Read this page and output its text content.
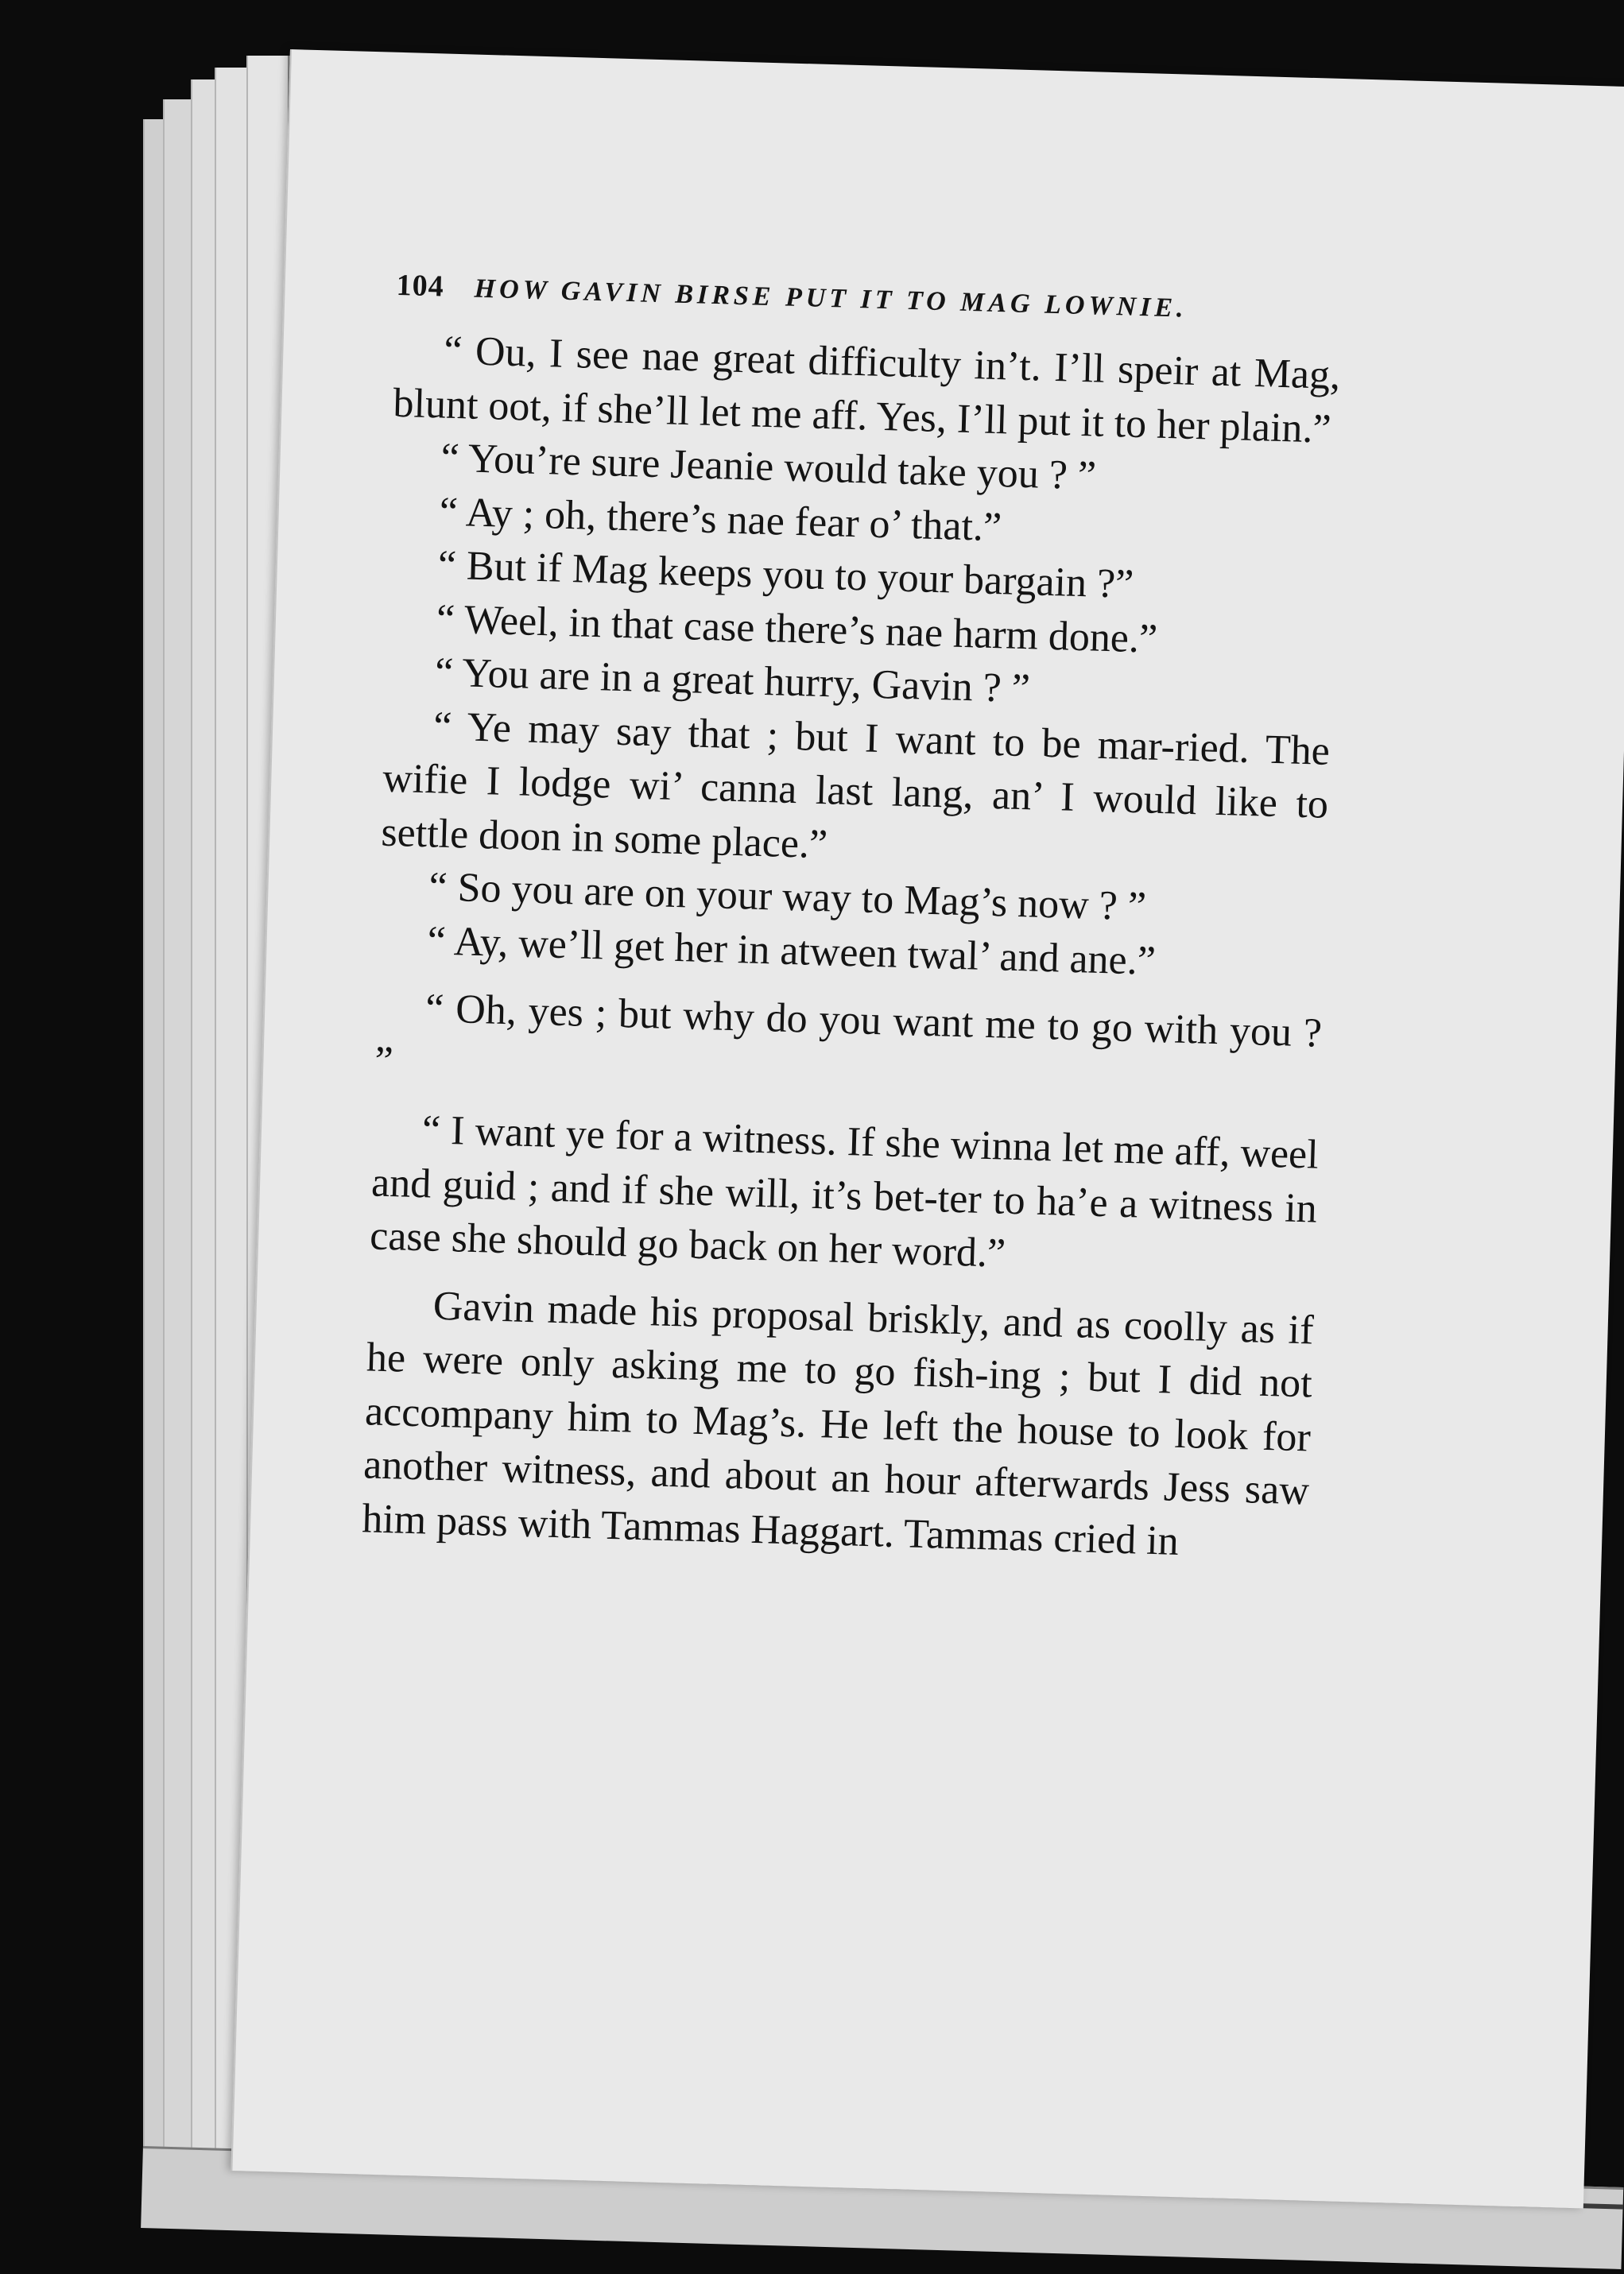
104 HOW GAVIN BIRSE PUT IT TO MAG LOWNIE.

“ Ou, I see nae great difficulty in’t. I’ll speir at Mag, blunt oot, if she’ll let me aff. Yes, I’ll put it to her plain.”

“ You’re sure Jeanie would take you ? ”

“ Ay ; oh, there’s nae fear o’ that.”

“ But if Mag keeps you to your bargain ?”

“ Weel, in that case there’s nae harm done.”

“ You are in a great hurry, Gavin ? ”

“ Ye may say that ; but I want to be mar-ried. The wifie I lodge wi’ canna last lang, an’ I would like to settle doon in some place.”

“ So you are on your way to Mag’s now ? ”

“ Ay, we’ll get her in atween twal’ and ane.”

“ Oh, yes ; but why do you want me to go with you ? ”

“ I want ye for a witness. If she winna let me aff, weel and guid ; and if she will, it’s bet-ter to ha’e a witness in case she should go back on her word.”

Gavin made his proposal briskly, and as coolly as if he were only asking me to go fish-ing ; but I did not accompany him to Mag’s. He left the house to look for another witness, and about an hour afterwards Jess saw him pass with Tammas Haggart. Tammas cried in
